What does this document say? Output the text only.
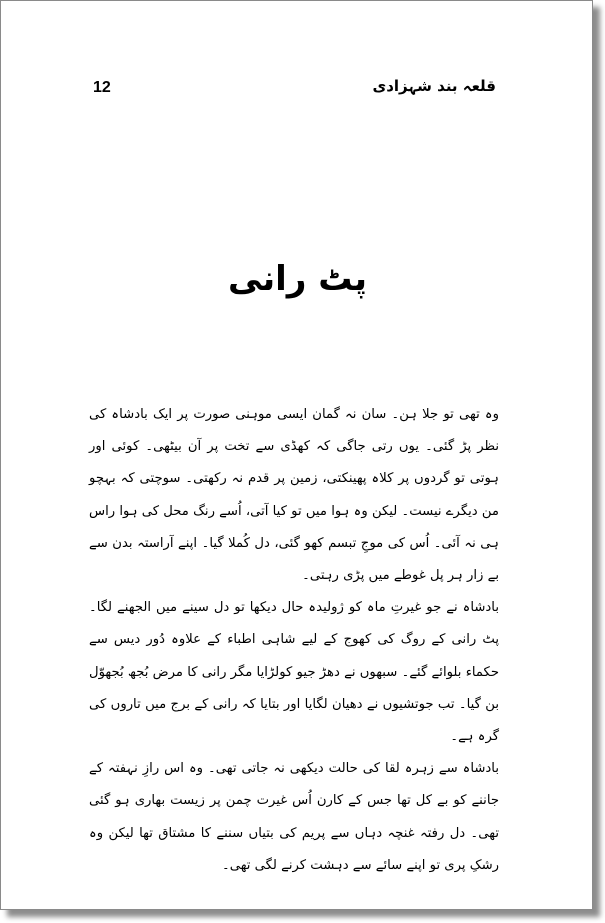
12	قلعہ بند شہزادی
پٹ رانی

وہ تھی تو جلا ہن۔ سان نہ گمان ایسی موہنی صورت پر ایک بادشاہ کی نظر پڑ گئی۔ یوں رتی جاگی کہ کھڈی سے تخت پر آن بیٹھی۔ کوئی اور ہوتی تو گردوں پر کلاہ پھینکتی، زمین پر قدم نہ رکھتی۔ سوچتی کہ بہچو من دیگرے نیست۔ لیکن وہ ہوا میں تو کیا آتی، اُسے رنگ محل کی ہوا راس ہی نہ آئی۔ اُس کی موجِ تبسم کھو گئی، دل کُملا گیا۔ اپنے آراستہ بدن سے بے زار ہر پل غوطے میں پڑی رہتی۔

بادشاہ نے جو غیرتِ ماہ کو ژولیدہ حال دیکھا تو دل سینے میں الجھنے لگا۔ پٹ رانی کے روگ کی کھوج کے لیے شاہی اطباء کے علاوہ دُور دیس سے حکماء بلوائے گئے۔ سبھوں نے دھڑ جیو کولڑایا مگر رانی کا مرض بُجھ بُجھوّل بن گیا۔ تب جوتشیوں نے دھیان لگایا اور بتایا کہ رانی کے برج میں تاروں کی گرہ ہے۔

بادشاہ سے زہرہ لقا کی حالت دیکھی نہ جاتی تھی۔ وہ اس رازِ نہفتہ کے جاننے کو بے کل تھا جس کے کارن اُس غیرت چمن پر زیست بھاری ہو گئی تھی۔ دل رفتہ غنچہ دہاں سے پریم کی بتیاں سننے کا مشتاق تھا لیکن وہ رشکِ پری تو اپنے سائے سے دہشت کرنے لگی تھی۔
